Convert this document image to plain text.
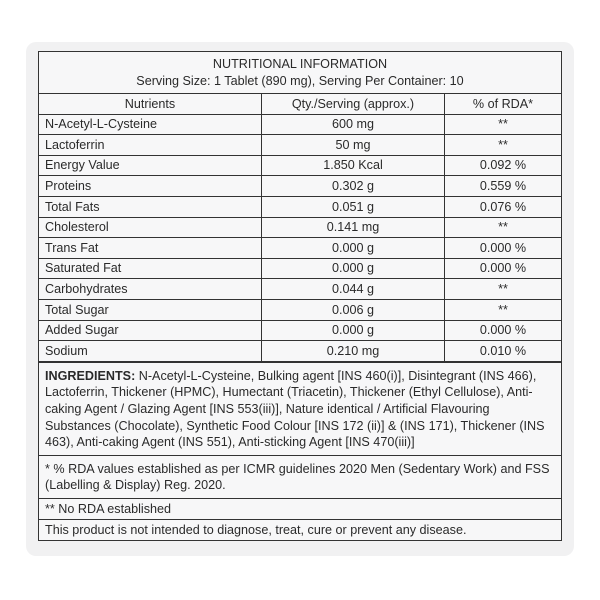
NUTRITIONAL INFORMATION
Serving Size: 1 Tablet (890 mg), Serving Per Container: 10
Nutrients	Qty./Serving (approx.)	% of RDA*
N-Acetyl-L-Cysteine	600 mg	**
Lactoferrin	50 mg	**
Energy Value	1.850 Kcal	0.092 %
Proteins	0.302 g	0.559 %
Total Fats	0.051 g	0.076 %
Cholesterol	0.141 mg	**
Trans Fat	0.000 g	0.000 %
Saturated Fat	0.000 g	0.000 %
Carbohydrates	0.044 g	**
Total Sugar	0.006 g	**
Added Sugar	0.000 g	0.000 %
Sodium	0.210 mg	0.010 %
INGREDIENTS: N-Acetyl-L-Cysteine, Bulking agent [INS 460(i)], Disintegrant (INS 466), Lactoferrin, Thickener (HPMC), Humectant (Triacetin), Thickener (Ethyl Cellulose), Anti-caking Agent / Glazing Agent [INS 553(iii)], Nature identical / Artificial Flavouring Substances (Chocolate), Synthetic Food Colour [INS 172 (ii)] & (INS 171), Thickener (INS 463), Anti-caking Agent (INS 551), Anti-sticking Agent [INS 470(iii)]
* % RDA values established as per ICMR guidelines 2020 Men (Sedentary Work) and FSS (Labelling & Display) Reg. 2020.
** No RDA established
This product is not intended to diagnose, treat, cure or prevent any disease.
